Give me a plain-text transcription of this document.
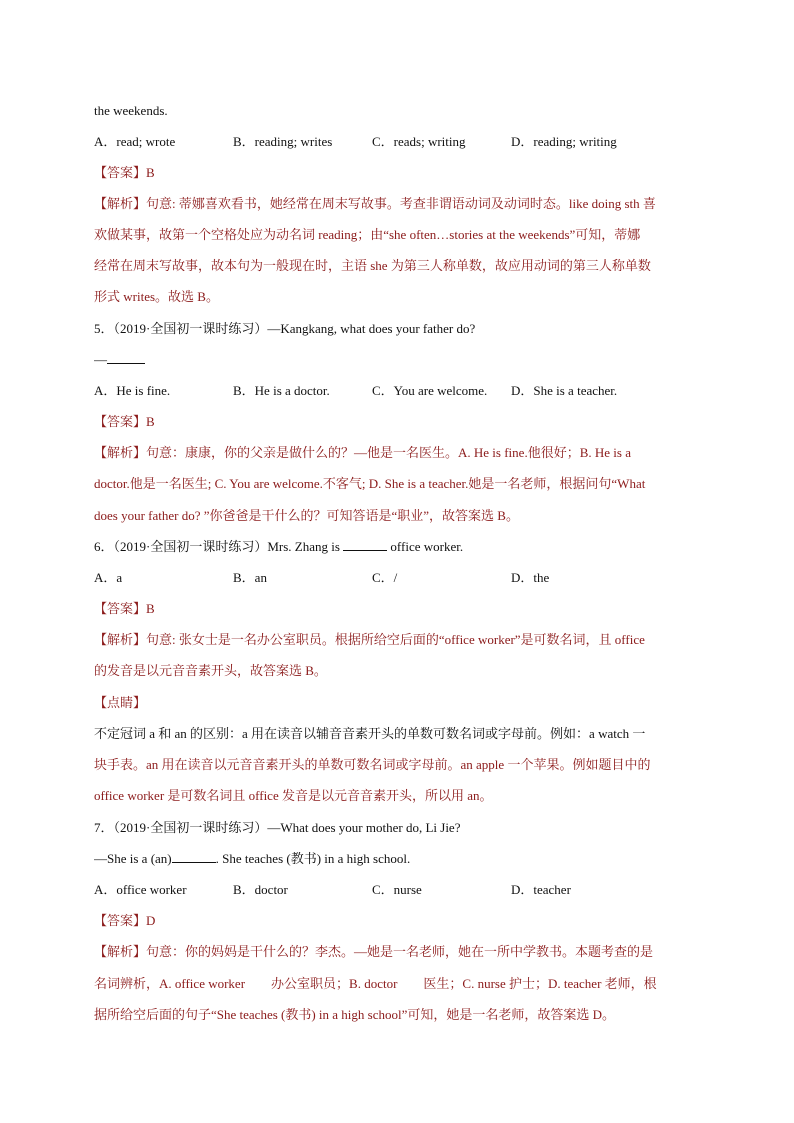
the weekends.
A．read; wrote	B．reading; writes	C．reads; writing	D．reading; writing
【答案】B
【解析】句意: 蒂娜喜欢看书，她经常在周末写故事。考查非谓语动词及动词时态。like doing sth 喜
欢做某事，故第一个空格处应为动名词 reading；由“she often…stories at the weekends”可知，蒂娜
经常在周末写故事，故本句为一般现在时，主语 she 为第三人称单数，故应用动词的第三人称单数
形式 writes。故选 B。
5．（2019·全国初一课时练习）—Kangkang, what does your father do?
—
A．He is fine.	B．He is a doctor.	C．You are welcome.	D．She is a teacher.
【答案】B
【解析】句意：康康，你的父亲是做什么的？—他是一名医生。A. He is fine.他很好；B. He is a
doctor.他是一名医生; C. You are welcome.不客气; D. She is a teacher.她是一名老师，根据问句“What
does your father do? ”你爸爸是干什么的？可知答语是“职业”，故答案选 B。
6．（2019·全国初一课时练习）Mrs. Zhang is	office worker.
A．a	B．an	C．/	D．the
【答案】B
【解析】句意: 张女士是一名办公室职员。根据所给空后面的“office worker”是可数名词，且 office
的发音是以元音音素开头，故答案选 B。
【点睛】
不定冠词 a 和 an 的区别：a 用在读音以辅音音素开头的单数可数名词或字母前。例如：a watch 一
块手表。an 用在读音以元音音素开头的单数可数名词或字母前。an apple 一个苹果。例如题目中的
office worker 是可数名词且 office 发音是以元音音素开头，所以用 an。
7．（2019·全国初一课时练习）—What does your mother do, Li Jie?
—She is a (an)	. She teaches (教书) in a high school.
A．office worker	B．doctor	C．nurse	D．teacher
【答案】D
【解析】句意：你的妈妈是干什么的？李杰。—她是一名老师，她在一所中学教书。本题考查的是
名词辨析，A. office worker　　办公室职员；B. doctor　　医生；C. nurse 护士；D. teacher 老师，根
据所给空后面的句子“She teaches (教书) in a high school”可知，她是一名老师，故答案选 D。
